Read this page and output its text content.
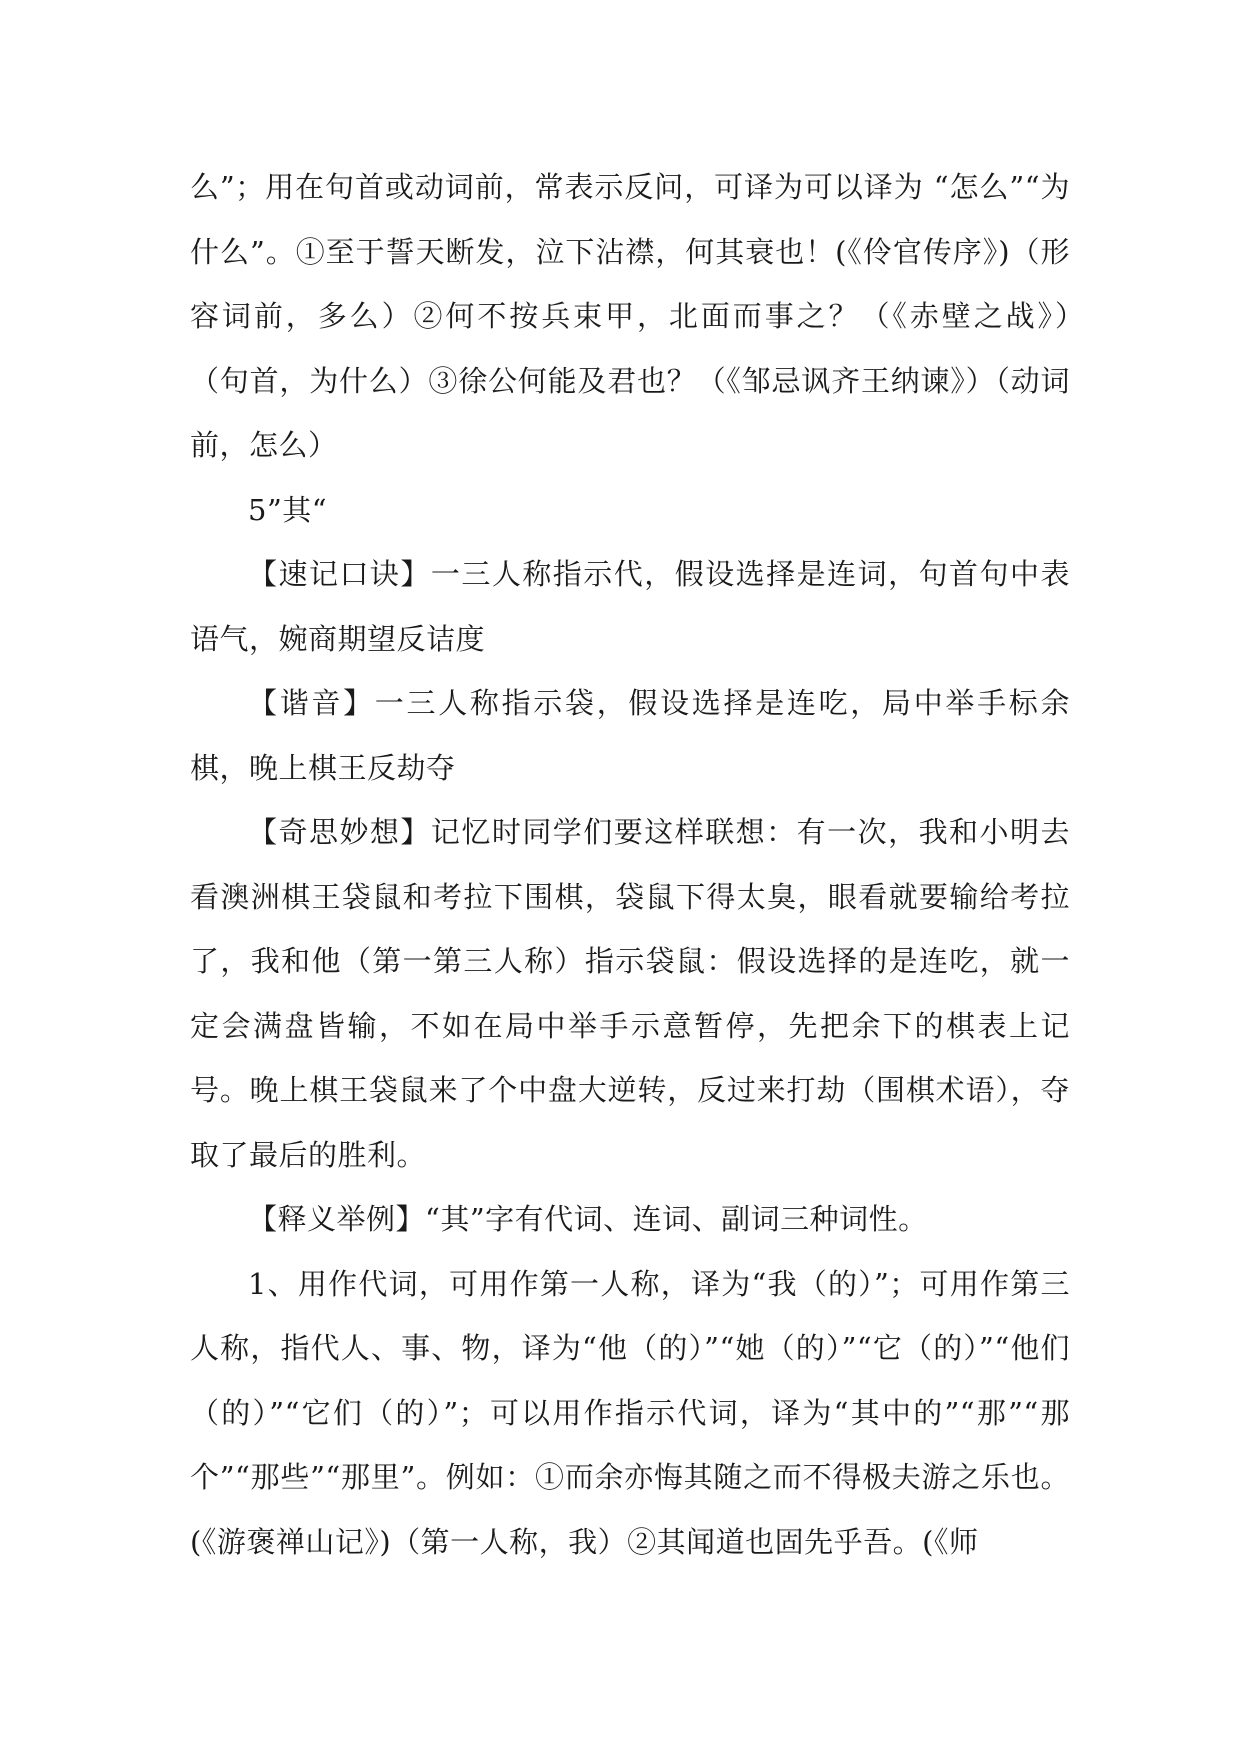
么”；用在句首或动词前，常表示反问，可译为可以译为 “怎么”“为什么”。①至于誓天断发，泣下沾襟，何其衰也！(《伶官传序》)（形容词前，多么）②何不按兵束甲，北面而事之？（《赤壁之战》）　（句首，为什么）③徐公何能及君也？（《邹忌讽齐王纳谏》）（动词前，怎么）

5”其“

【速记口诀】一三人称指示代，假设选择是连词，句首句中表语气，婉商期望反诘度

【谐音】一三人称指示袋，假设选择是连吃，局中举手标余棋，晚上棋王反劫夺

【奇思妙想】记忆时同学们要这样联想：有一次，我和小明去看澳洲棋王袋鼠和考拉下围棋，袋鼠下得太臭，眼看就要输给考拉了，我和他（第一第三人称）指示袋鼠：假设选择的是连吃，就一定会满盘皆输，不如在局中举手示意暂停，先把余下的棋表上记号。晚上棋王袋鼠来了个中盘大逆转，反过来打劫（围棋术语），夺取了最后的胜利。

【释义举例】“其”字有代词、连词、副词三种词性。

1、用作代词，可用作第一人称，译为“我（的）”；可用作第三人称，指代人、事、物，译为“他（的）”“她（的）”“它（的）”“他们（的）”“它们（的）”；可以用作指示代词，译为“其中的”“那”“那个”“那些”“那里”。例如：①而余亦悔其随之而不得极夫游之乐也。(《游褒禅山记》)（第一人称，我）②其闻道也固先乎吾。(《师
